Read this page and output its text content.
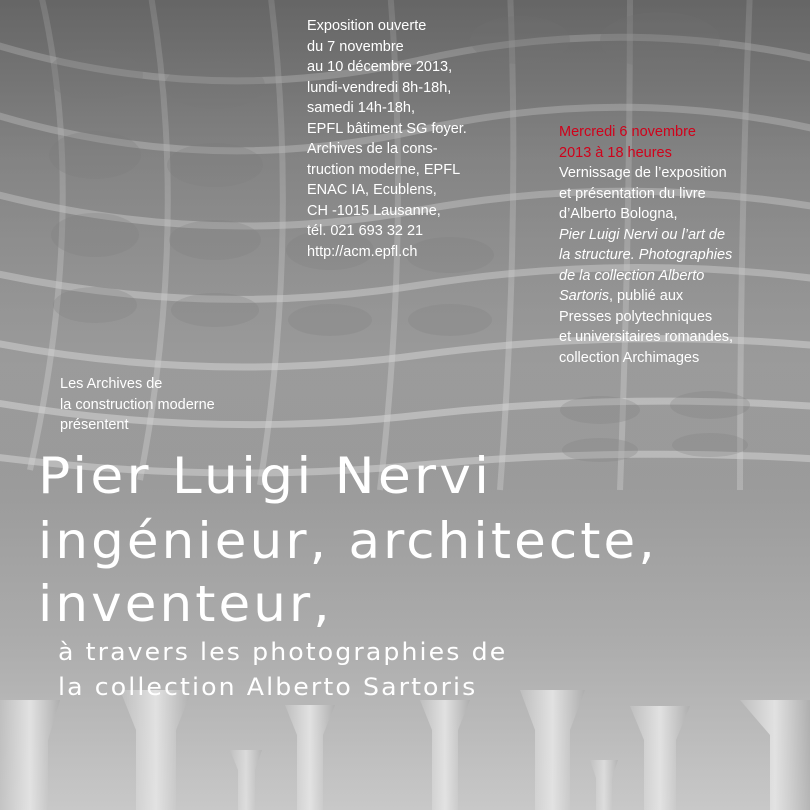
Exposition ouverte
du 7 novembre
au 10 décembre 2013,
lundi-vendredi 8h-18h,
samedi 14h-18h,
EPFL bâtiment SG foyer.
Archives de la cons-
truction moderne, EPFL
ENAC IA, Ecublens,
CH -1015 Lausanne,
tél. 021 693 32 21
http://acm.epfl.ch
Mercredi 6 novembre
2013 à 18 heures
Vernissage de l’exposition
et présentation du livre
d’Alberto Bologna,
Pier Luigi Nervi ou l’art de
la structure. Photographies
de la collection Alberto
Sartoris, publié aux
Presses polytechniques
et universitaires romandes,
collection Archimages
Les Archives de
la construction moderne
présentent
Pier Luigi Nervi
ingénieur, architecte,
inventeur,
à travers les photographies de
la collection Alberto Sartoris
